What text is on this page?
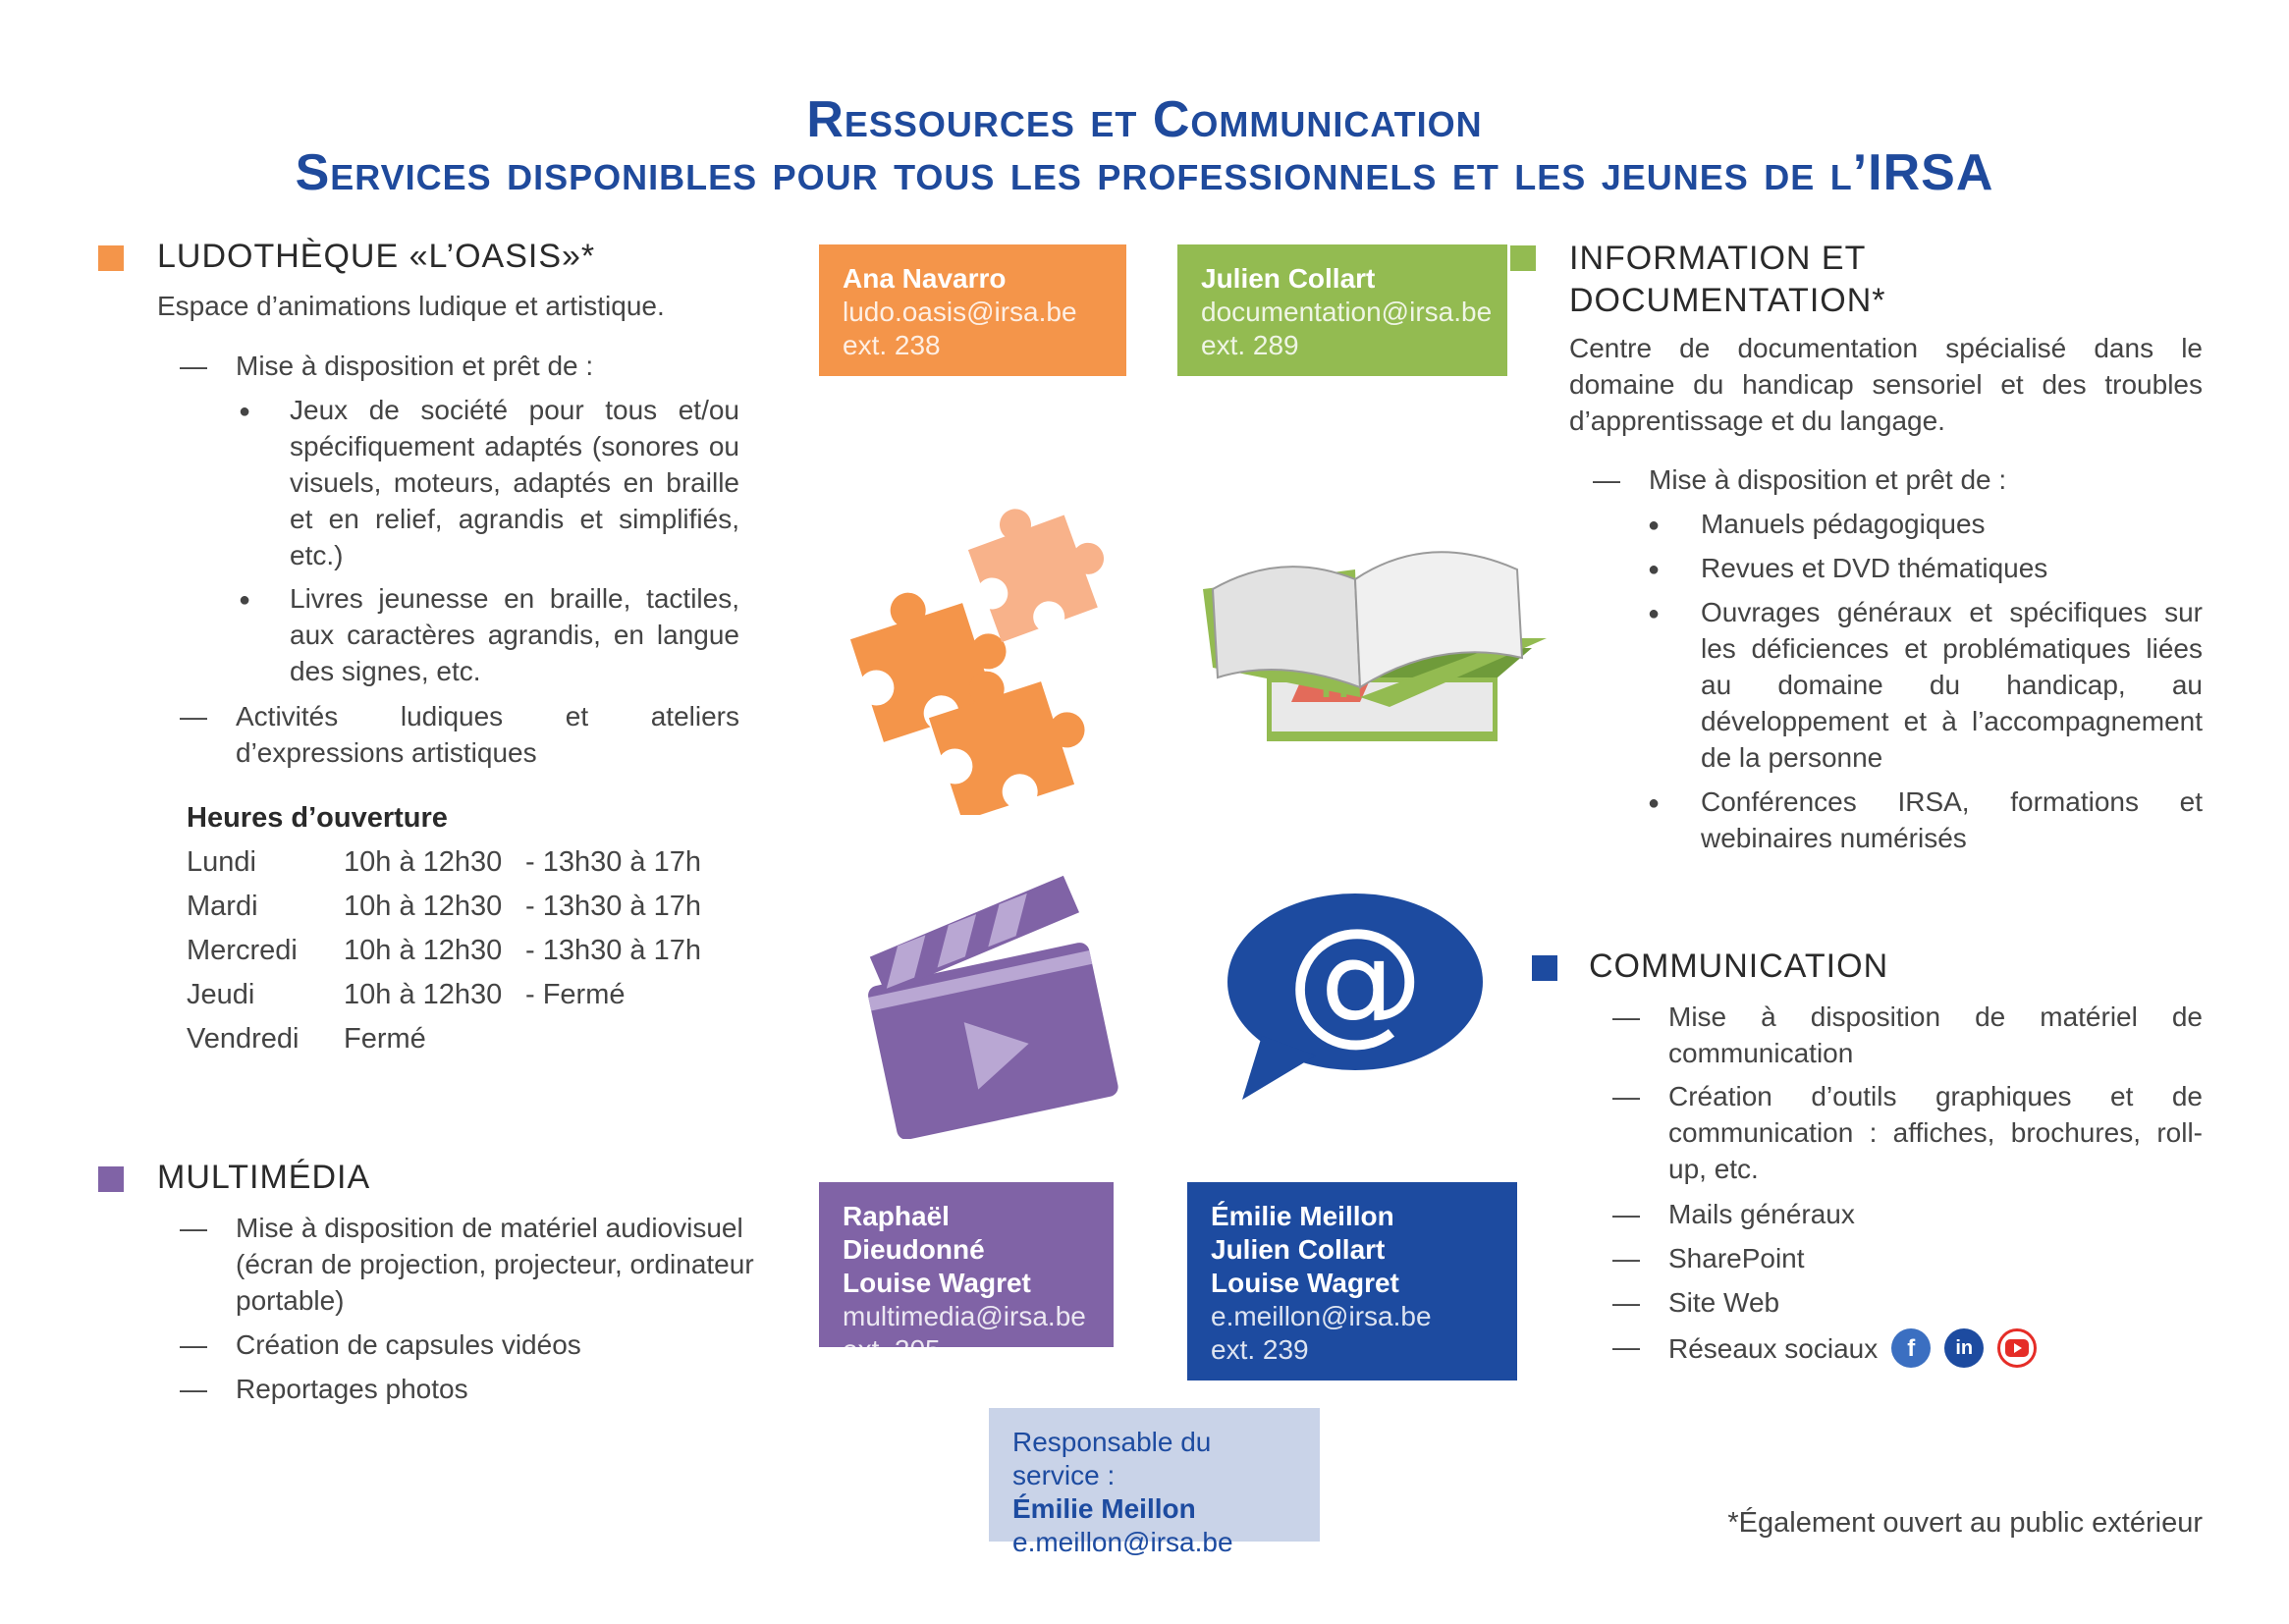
Ressources et Communication
Services disponibles pour tous les professionnels et les jeunes de l’IRSA
LUDOTHÈQUE «L’OASIS»*
Espace d’animations ludique et artistique.
—	Mise à disposition et prêt de :
●	Jeux de société pour tous et/ou spécifiquement adaptés (sonores ou visuels, moteurs, adaptés en braille et en relief, agrandis et simplifiés, etc.)
●	Livres jeunesse en braille, tactiles, aux caractères agrandis, en langue des signes, etc.
—	Activités ludiques et ateliers d’expressions artistiques
Heures d’ouverture
Lundi	10h à 12h30	- 13h30 à 17h
Mardi	10h à 12h30	- 13h30 à 17h
Mercredi	10h à 12h30	- 13h30 à 17h
Jeudi	10h à 12h30	- Fermé
Vendredi	Fermé	
MULTIMÉDIA
—	Mise à disposition de matériel audiovisuel (écran de projection, projecteur, ordinateur portable)
—	Création de capsules vidéos
—	Reportages photos
Ana Navarro
ludo.oasis@irsa.be
ext. 238
Julien Collart
documentation@irsa.be
ext. 289
Raphaël Dieudonné
Louise Wagret
multimedia@irsa.be
ext. 205
Émilie Meillon
Julien Collart
Louise Wagret
e.meillon@irsa.be
ext. 239
Responsable du service :
Émilie Meillon
e.meillon@irsa.be
@
INFORMATION ET
DOCUMENTATION*
Centre de documentation spécialisé dans le domaine du handicap sensoriel et des troubles d’apprentissage et du langage.
—	Mise à disposition et prêt de :
●	Manuels pédagogiques
●	Revues et DVD thématiques
●	Ouvrages généraux et spécifiques sur les déficiences et problématiques liées au domaine du handicap, au développement et à l’accompagnement de la personne
●	Conférences IRSA, formations et webinaires numérisés
COMMUNICATION
—	Mise à disposition de matériel de communication
—	Création d’outils graphiques et de communication : affiches, brochures, roll-up, etc.
—	Mails généraux
—	SharePoint
—	Site Web
— Réseaux sociaux	f	in
*Également ouvert au public extérieur
